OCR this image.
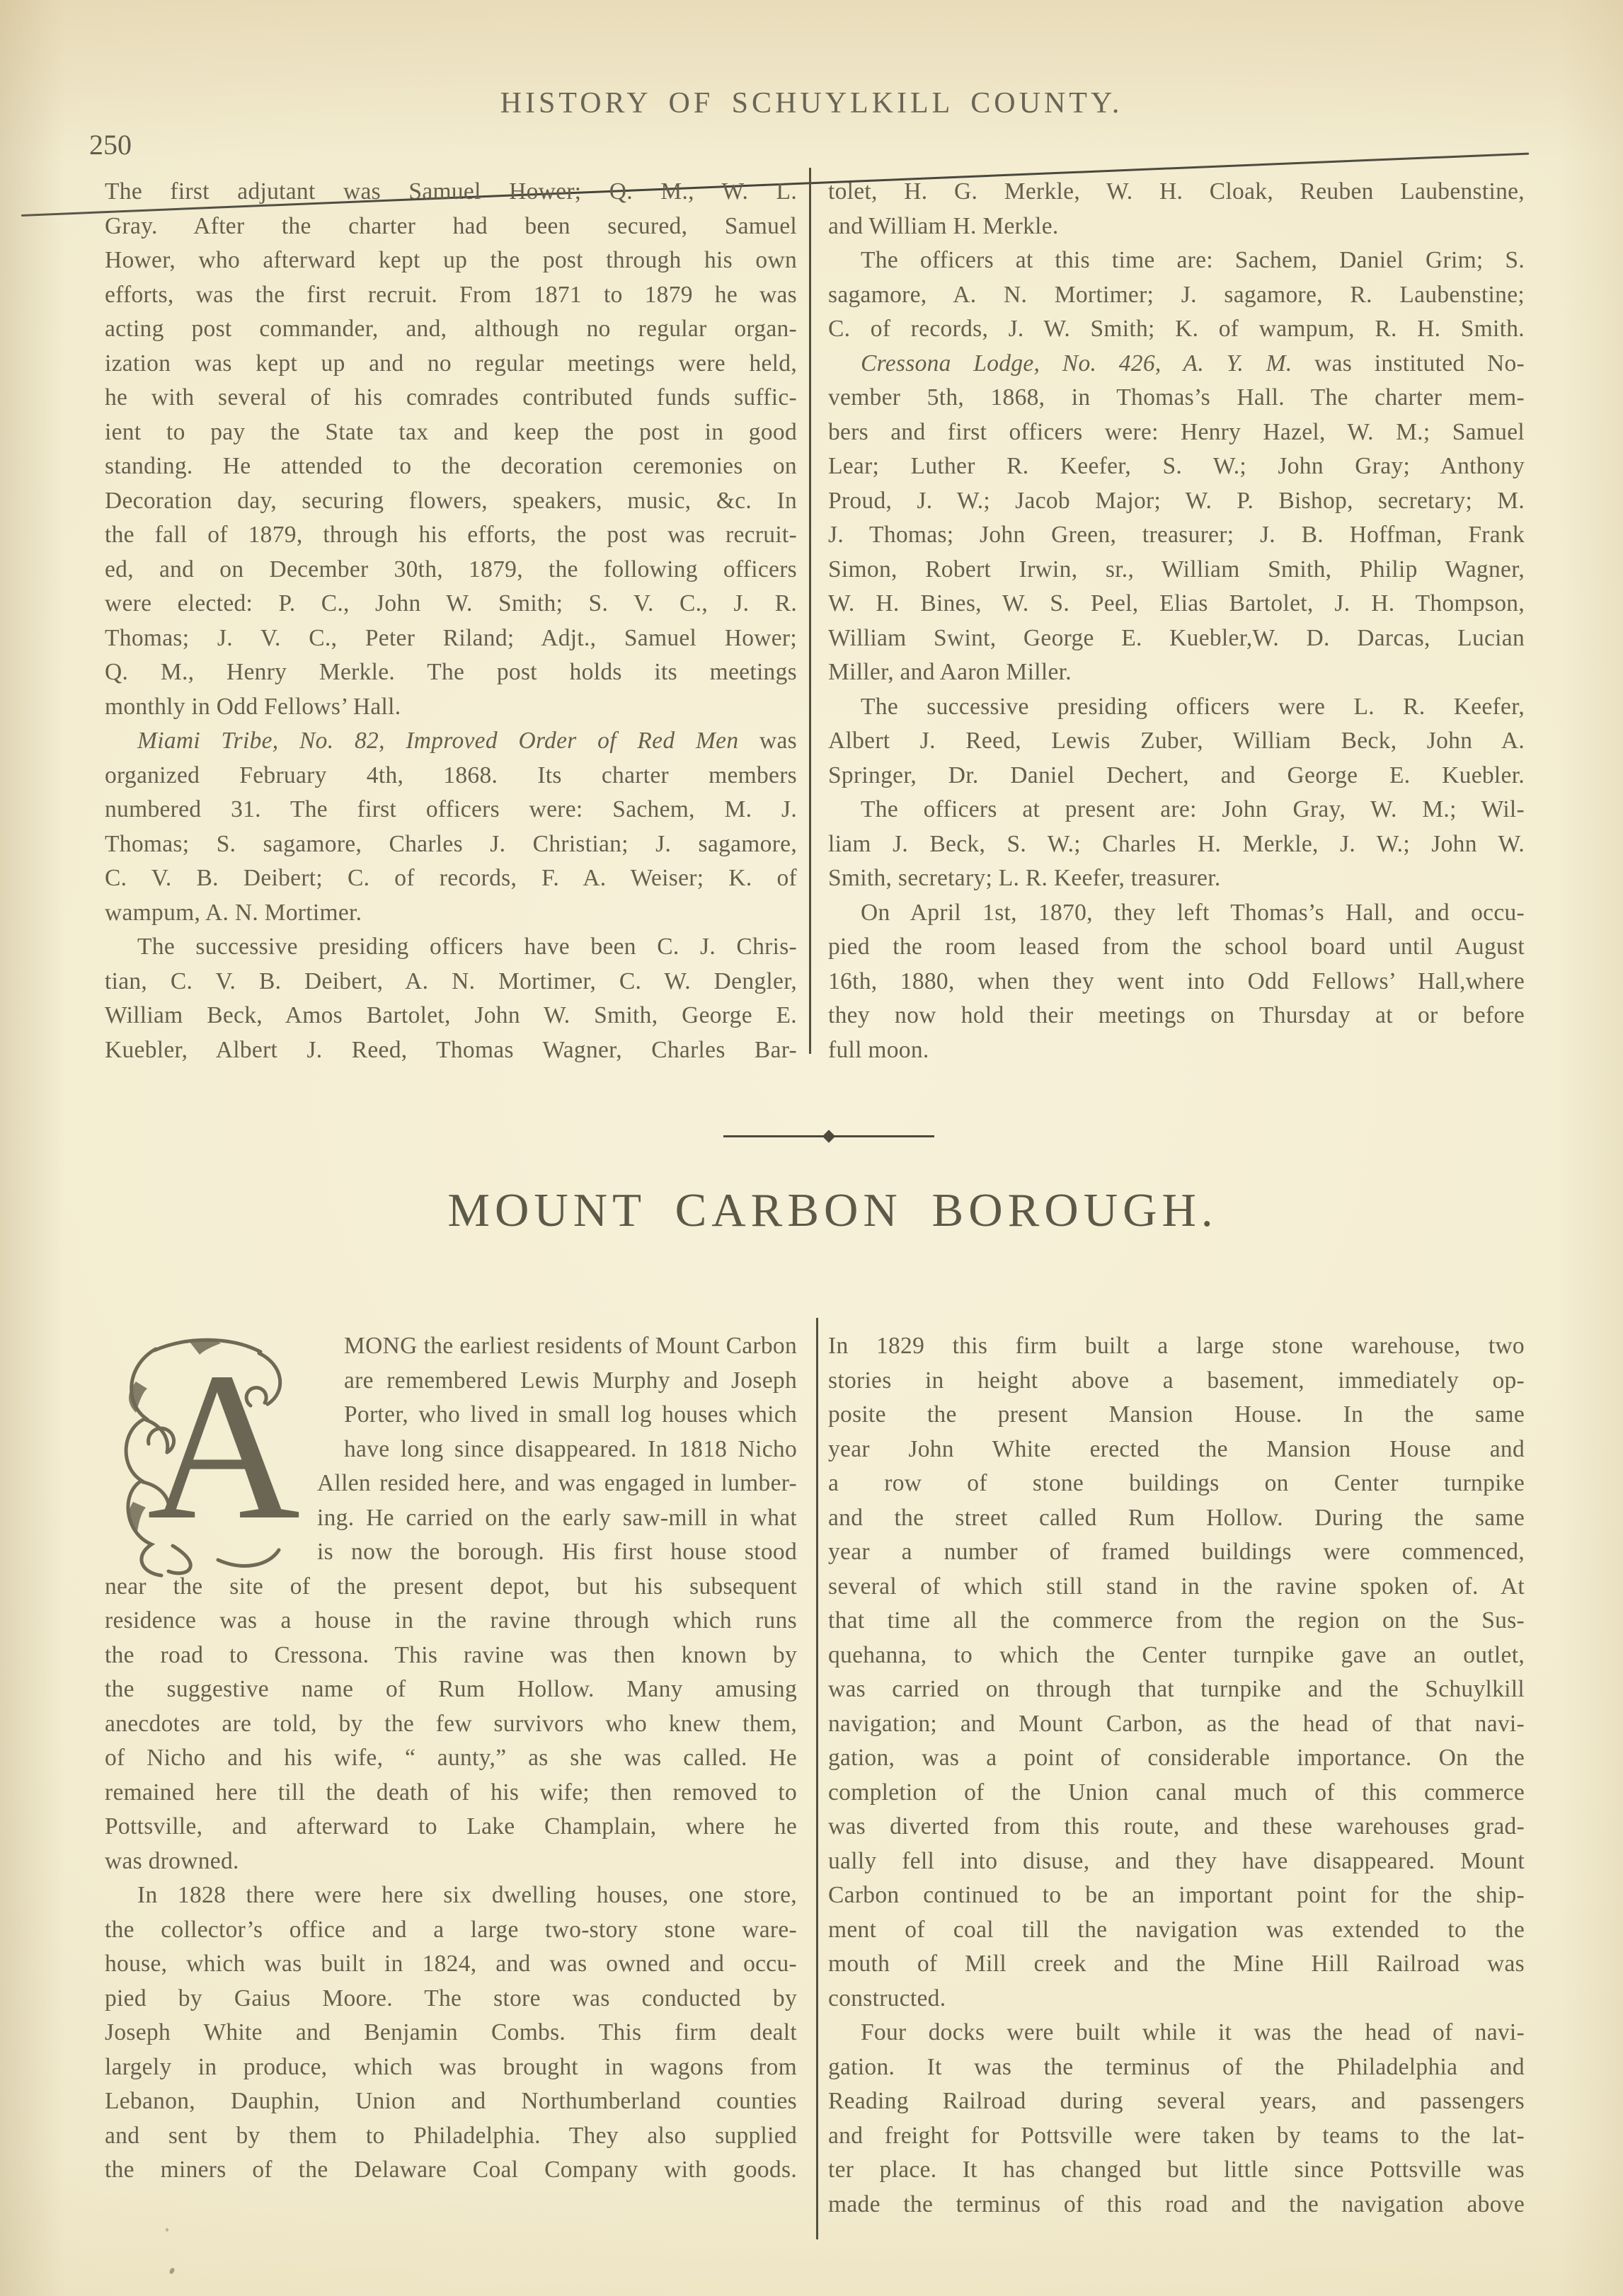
250
HISTORY OF SCHUYLKILL COUNTY.
The first adjutant was Samuel Hower; Q. M., W. L.
Gray. After the charter had been secured, Samuel
Hower, who afterward kept up the post through his own
efforts, was the first recruit. From 1871 to 1879 he was
acting post commander, and, although no regular organ-
ization was kept up and no regular meetings were held,
he with several of his comrades contributed funds suffic-
ient to pay the State tax and keep the post in good
standing. He attended to the decoration ceremonies on
Decoration day, securing flowers, speakers, music, &c. In
the fall of 1879, through his efforts, the post was recruit-
ed, and on December 30th, 1879, the following officers
were elected: P. C., John W. Smith; S. V. C., J. R.
Thomas; J. V. C., Peter Riland; Adjt., Samuel Hower;
Q. M., Henry Merkle. The post holds its meetings
monthly in Odd Fellows’ Hall.
Miami Tribe, No. 82, Improved Order of Red Men was
organized February 4th, 1868. Its charter members
numbered 31. The first officers were: Sachem, M. J.
Thomas; S. sagamore, Charles J. Christian; J. sagamore,
C. V. B. Deibert; C. of records, F. A. Weiser; K. of
wampum, A. N. Mortimer.
The successive presiding officers have been C. J. Chris-
tian, C. V. B. Deibert, A. N. Mortimer, C. W. Dengler,
William Beck, Amos Bartolet, John W. Smith, George E.
Kuebler, Albert J. Reed, Thomas Wagner, Charles Bar-
tolet, H. G. Merkle, W. H. Cloak, Reuben Laubenstine,
and William H. Merkle.
The officers at this time are: Sachem, Daniel Grim; S.
sagamore, A. N. Mortimer; J. sagamore, R. Laubenstine;
C. of records, J. W. Smith; K. of wampum, R. H. Smith.
Cressona Lodge, No. 426, A. Y. M. was instituted No-
vember 5th, 1868, in Thomas’s Hall. The charter mem-
bers and first officers were: Henry Hazel, W. M.; Samuel
Lear; Luther R. Keefer, S. W.; John Gray; Anthony
Proud, J. W.; Jacob Major; W. P. Bishop, secretary; M.
J. Thomas; John Green, treasurer; J. B. Hoffman, Frank
Simon, Robert Irwin, sr., William Smith, Philip Wagner,
W. H. Bines, W. S. Peel, Elias Bartolet, J. H. Thompson,
William Swint, George E. Kuebler,W. D. Darcas, Lucian
Miller, and Aaron Miller.
The successive presiding officers were L. R. Keefer,
Albert J. Reed, Lewis Zuber, William Beck, John A.
Springer, Dr. Daniel Dechert, and George E. Kuebler.
The officers at present are: John Gray, W. M.; Wil-
liam J. Beck, S. W.; Charles H. Merkle, J. W.; John W.
Smith, secretary; L. R. Keefer, treasurer.
On April 1st, 1870, they left Thomas’s Hall, and occu-
pied the room leased from the school board until August
16th, 1880, when they went into Odd Fellows’ Hall,where
they now hold their meetings on Thursday at or before
full moon.
MOUNT CARBON BOROUGH.
MONG the earliest residents of Mount Carbon
are remembered Lewis Murphy and Joseph
Porter, who lived in small log houses which
have long since disappeared. In 1818 Nicho
Allen resided here, and was engaged in lumber-
ing. He carried on the early saw-mill in what
is now the borough. His first house stood
near the site of the present depot, but his subsequent
residence was a house in the ravine through which runs
the road to Cressona. This ravine was then known by
the suggestive name of Rum Hollow. Many amusing
anecdotes are told, by the few survivors who knew them,
of Nicho and his wife, “ aunty,” as she was called. He
remained here till the death of his wife; then removed to
Pottsville, and afterward to Lake Champlain, where he
was drowned.
In 1828 there were here six dwelling houses, one store,
the collector’s office and a large two-story stone ware-
house, which was built in 1824, and was owned and occu-
pied by Gaius Moore. The store was conducted by
Joseph White and Benjamin Combs. This firm dealt
largely in produce, which was brought in wagons from
Lebanon, Dauphin, Union and Northumberland counties
and sent by them to Philadelphia. They also supplied
the miners of the Delaware Coal Company with goods.
In 1829 this firm built a large stone warehouse, two
stories in height above a basement, immediately op-
posite the present Mansion House. In the same
year John White erected the Mansion House and
a row of stone buildings on Center turnpike
and the street called Rum Hollow. During the same
year a number of framed buildings were commenced,
several of which still stand in the ravine spoken of. At
that time all the commerce from the region on the Sus-
quehanna, to which the Center turnpike gave an outlet,
was carried on through that turnpike and the Schuylkill
navigation; and Mount Carbon, as the head of that navi-
gation, was a point of considerable importance. On the
completion of the Union canal much of this commerce
was diverted from this route, and these warehouses grad-
ually fell into disuse, and they have disappeared. Mount
Carbon continued to be an important point for the ship-
ment of coal till the navigation was extended to the
mouth of Mill creek and the Mine Hill Railroad was
constructed.
Four docks were built while it was the head of navi-
gation. It was the terminus of the Philadelphia and
Reading Railroad during several years, and passengers
and freight for Pottsville were taken by teams to the lat-
ter place. It has changed but little since Pottsville was
made the terminus of this road and the navigation above
A
